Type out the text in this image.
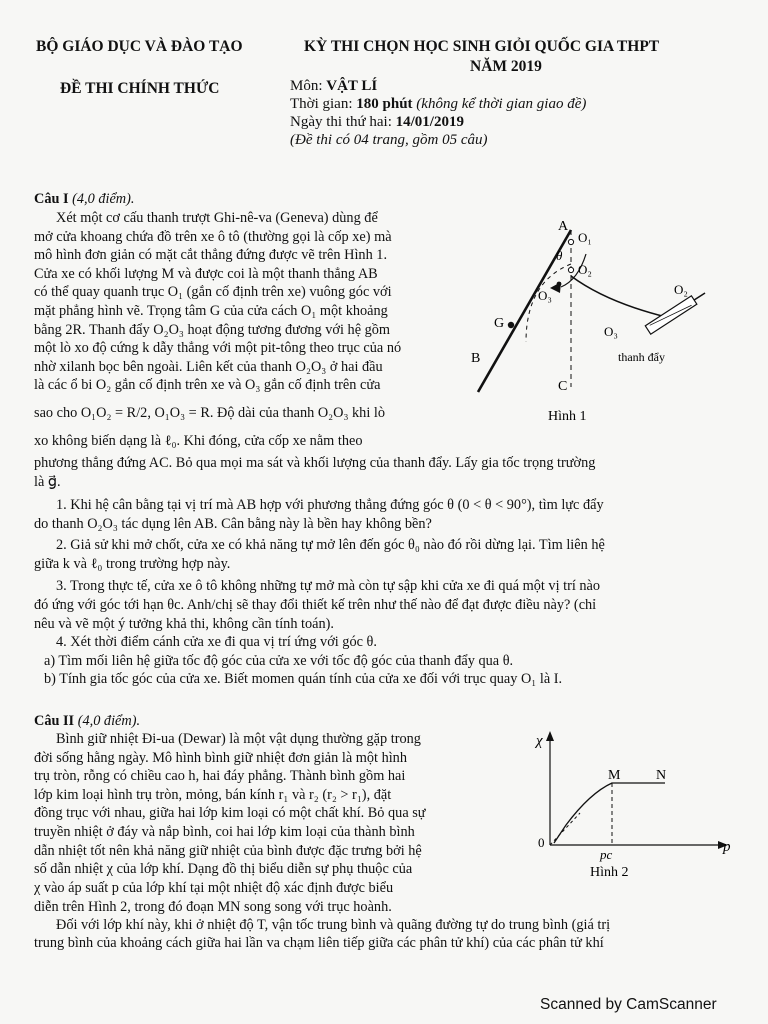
BỘ GIÁO DỤC VÀ ĐÀO TẠO	KỲ THI CHỌN HỌC SINH GIỎI QUỐC GIA THPT
NĂM 2019
ĐỀ THI CHÍNH THỨC	Môn: VẬT LÍ
Thời gian: 180 phút (không kể thời gian giao đề)
Ngày thi thứ hai: 14/01/2019
(Đề thi có 04 trang, gồm 05 câu)
Câu I (4,0 điểm).
Xét một cơ cấu thanh trượt Ghi-nê-va (Geneva) dùng để
mở cửa khoang chứa đồ trên xe ô tô (thường gọi là cốp xe) mà
mô hình đơn giản có mặt cắt thẳng đứng được vẽ trên Hình 1.
Cửa xe có khối lượng M và được coi là một thanh thẳng AB
có thể quay quanh trục O₁ (gắn cố định trên xe) vuông góc với
mặt phẳng hình vẽ. Trọng tâm G của cửa cách O₁ một khoảng
bằng 2R. Thanh đẩy O₂O₃ hoạt động tương đương với hệ gồm
một lò xo độ cứng k dẫy thẳng với một pit-tông theo trục của nó
nhờ xilanh bọc bên ngoài. Liên kết của thanh O₂O₃ ở hai đầu
là các ổ bi O₂ gắn cố định trên xe và O₃ gắn cố định trên cửa
sao cho O₁O₂ = R/2, O₁O₃ = R. Độ dài của thanh O₂O₃ khi lò
xo không biến dạng là ℓ₀. Khi đóng, cửa cốp xe nằm theo
phương thẳng đứng AC. Bỏ qua mọi ma sát và khối lượng của thanh đẩy. Lấy gia tốc trọng trường
là g⃗.
1. Khi hệ cân bằng tại vị trí mà AB hợp với phương thẳng đứng góc θ (0 < θ < 90°), tìm lực đẩy
do thanh O₂O₃ tác dụng lên AB. Cân bằng này là bền hay không bền?
2. Giả sử khi mở chốt, cửa xe có khả năng tự mở lên đến góc θ₀ nào đó rồi dừng lại. Tìm liên hệ
giữa k và ℓ₀ trong trường hợp này.
3. Trong thực tế, cửa xe ô tô không những tự mở mà còn tự sập khi cửa xe đi quá một vị trí nào
đó ứng với góc tới hạn θc. Anh/chị sẽ thay đổi thiết kế trên như thế nào để đạt được điều này? (chỉ
nêu và vẽ một ý tưởng khả thi, không cần tính toán).
4. Xét thời điểm cánh cửa xe đi qua vị trí ứng với góc θ.
a) Tìm mối liên hệ giữa tốc độ góc của cửa xe với tốc độ góc của thanh đẩy qua θ.
b) Tính gia tốc góc của cửa xe. Biết momen quán tính của cửa xe đối với trục quay O₁ là I.
A
O₁
θ
O₂
O₃	O₂
O₃
G
B
C
thanh đẩy
Hình 1
Câu II (4,0 điểm).
Bình giữ nhiệt Đi-ua (Dewar) là một vật dụng thường gặp trong
đời sống hằng ngày. Mô hình bình giữ nhiệt đơn giản là một hình
trụ tròn, rỗng có chiều cao h, hai đáy phẳng. Thành bình gồm hai
lớp kim loại hình trụ tròn, mỏng, bán kính r₁ và r₂ (r₂ > r₁), đặt
đồng trục với nhau, giữa hai lớp kim loại có một chất khí. Bỏ qua sự
truyền nhiệt ở đáy và nắp bình, coi hai lớp kim loại của thành bình
dẫn nhiệt tốt nên khả năng giữ nhiệt của bình được đặc trưng bởi hệ
số dẫn nhiệt χ của lớp khí. Dạng đồ thị biểu diễn sự phụ thuộc của
χ vào áp suất p của lớp khí tại một nhiệt độ xác định được biểu
diễn trên Hình 2, trong đó đoạn MN song song với trục hoành.
Đối với lớp khí này, khi ở nhiệt độ T, vận tốc trung bình và quãng đường tự do trung bình (giá trị
trung bình của khoảng cách giữa hai lần va chạm liên tiếp giữa các phân tử khí) của các phân tử khí
χ
p
0
M	N
pc
Hình 2
Scanned by CamScanner
